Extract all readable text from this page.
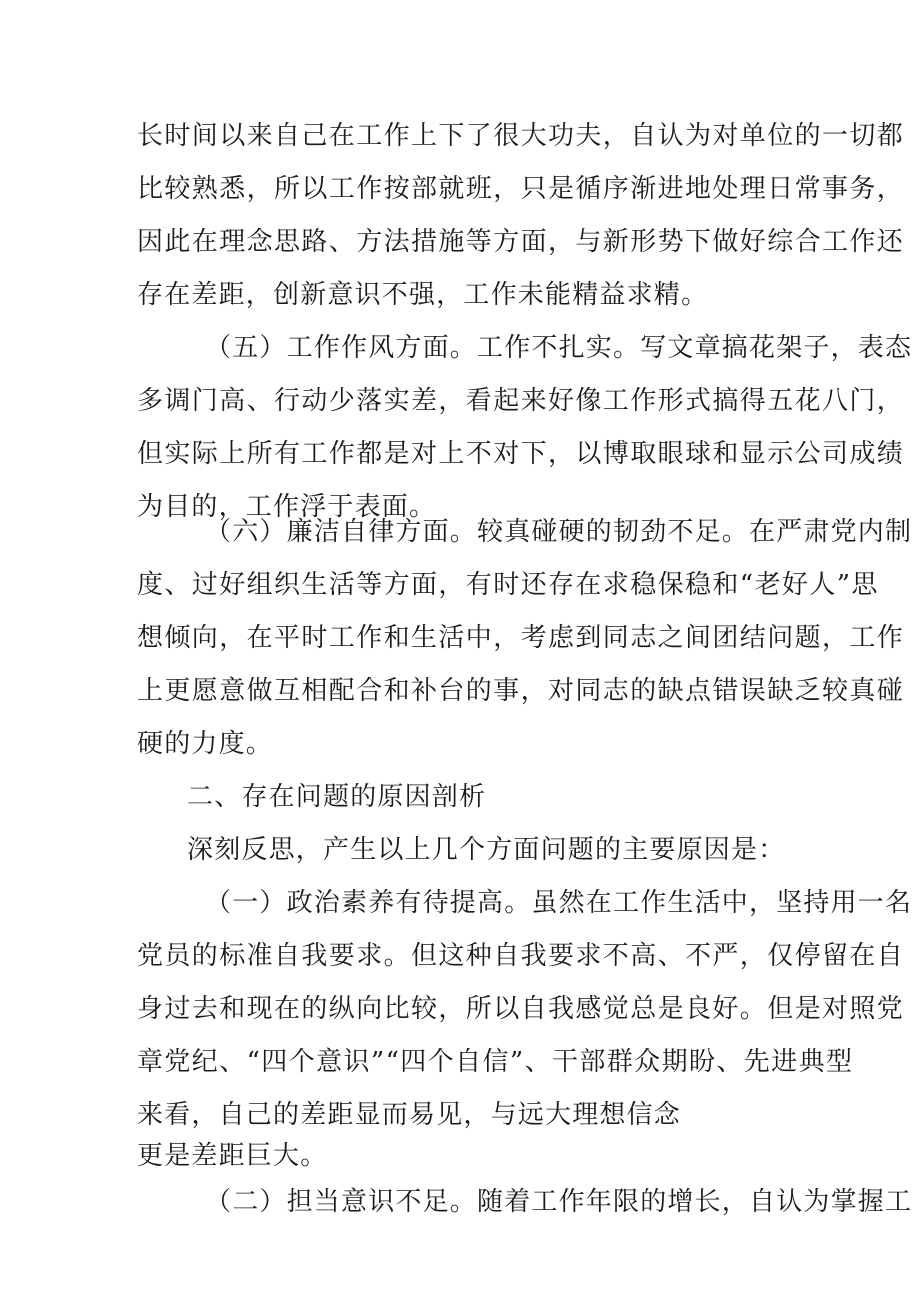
长时间以来自己在工作上下了很大功夫，自认为对单位的一切都
比较熟悉，所以工作按部就班，只是循序渐进地处理日常事务，
因此在理念思路、方法措施等方面，与新形势下做好综合工作还
存在差距，创新意识不强，工作未能精益求精。
（五）工作作风方面。工作不扎实。写文章搞花架子，表态
多调门高、行动少落实差，看起来好像工作形式搞得五花八门，
但实际上所有工作都是对上不对下，以博取眼球和显示公司成绩
为目的，工作浮于表面。
（六）廉洁自律方面。较真碰硬的韧劲不足。在严肃党内制
度、过好组织生活等方面，有时还存在求稳保稳和“老好人”思
想倾向，在平时工作和生活中，考虑到同志之间团结问题，工作
上更愿意做互相配合和补台的事，对同志的缺点错误缺乏较真碰
硬的力度。
二、存在问题的原因剖析
深刻反思，产生以上几个方面问题的主要原因是：
（一）政治素养有待提高。虽然在工作生活中，坚持用一名
党员的标准自我要求。但这种自我要求不高、不严，仅停留在自
身过去和现在的纵向比较，所以自我感觉总是良好。但是对照党
章党纪、“四个意识”“四个自信”、干部群众期盼、先进典型
来看，自己的差距显而易见，与远大理想信念
更是差距巨大。
（二）担当意识不足。随着工作年限的增长，自认为掌握工
